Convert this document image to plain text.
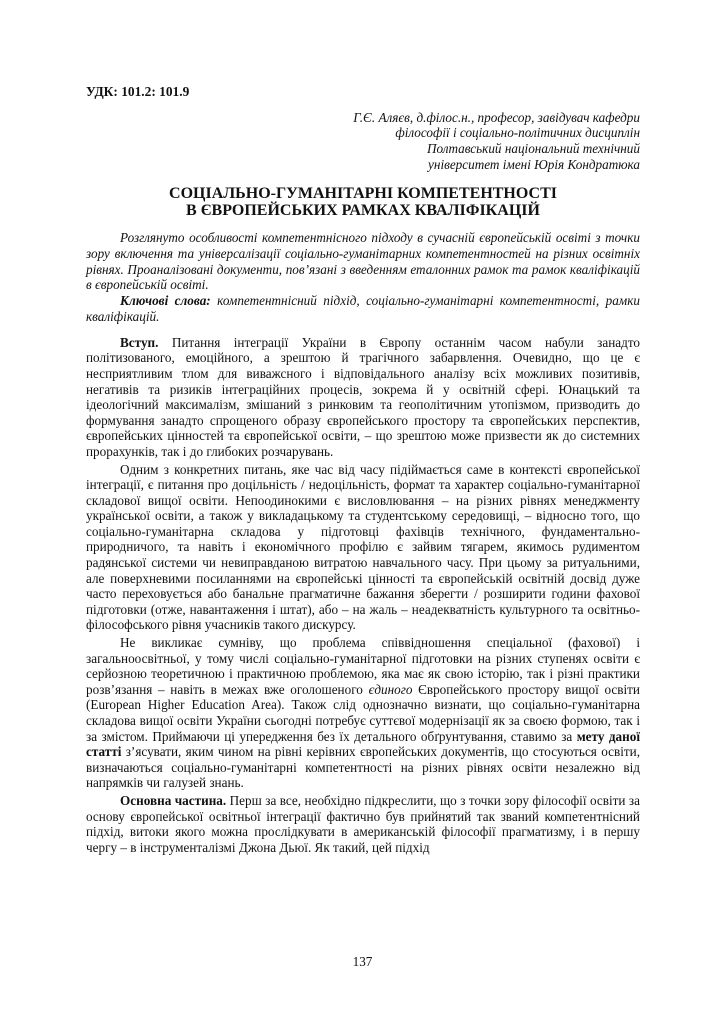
УДК: 101.2: 101.9
Г.Є. Аляєв, д.філос.н., професор, завідувач кафедри
філософії і соціально-політичних дисциплін
Полтавський національний технічний
університет імені Юрія Кондратюка
СОЦІАЛЬНО-ГУМАНІТАРНІ КОМПЕТЕНТНОСТІ
В ЄВРОПЕЙСЬКИХ РАМКАХ КВАЛІФІКАЦІЙ

Розглянуто особливості компетентнісного підходу в сучасній європейській освіті з точки зору включення та універсалізації соціально-гуманітарних компетентностей на різних освітніх рівнях. Проаналізовані документи, пов’язані з введенням еталонних рамок та рамок кваліфікацій в європейській освіті.

Ключові слова: компетентнісний підхід, соціально-гуманітарні компетентності, рамки кваліфікацій.

Вступ. Питання інтеграції України в Європу останнім часом набули занадто політизованого, емоційного, а зрештою й трагічного забарвлення. Очевидно, що це є несприятливим тлом для виважсного і відповідального аналізу всіх можливих позитивів, негативів та ризиків інтеграційних процесів, зокрема й у освітній сфері. Юнацький та ідеологічний максималізм, змішаний з ринковим та геополітичним утопізмом, призводить до формування занадто спрощеного образу європейського простору та європейських перспектив, європейських цінностей та європейської освіти, – що зрештою може призвести як до системних прорахунків, так і до глибоких розчарувань.

Одним з конкретних питань, яке час від часу підіймається саме в контексті європейської інтеграції, є питання про доцільність / недоцільність, формат та характер соціально-гуманітарної складової вищої освіти. Непоодинокими є висловлювання – на різних рівнях менеджменту української освіти, а також у викладацькому та студентському середовищі, – відносно того, що соціально-гуманітарна складова у підготовці фахівців технічного, фундаментально-природничого, та навіть і економічного профілю є зайвим тягарем, якимось рудиментом радянської системи чи невиправданою витратою навчального часу. При цьому за ритуальними, але поверхневими посиланнями на європейські цінності та європейській освітній досвід дуже часто переховується або банальне прагматичне бажання зберегти / розширити години фахової підготовки (отже, навантаження і штат), або – на жаль – неадекватність культурного та освітньо-філософського рівня учасників такого дискурсу.

Не викликає сумніву, що проблема співвідношення спеціальної (фахової) і загальноосвітньої, у тому числі соціально-гуманітарної підготовки на різних ступенях освіти є серйозною теоретичною і практичною проблемою, яка має як свою історію, так і різні практики розв’язання – навіть в межах вже оголошеного єдиного Європейського простору вищої освіти (European Higher Education Area). Також слід однозначно визнати, що соціально-гуманітарна складова вищої освіти України сьогодні потребує суттєвої модернізації як за своєю формою, так і за змістом. Приймаючи ці упередження без їх детального обґрунтування, ставимо за мету даної статті з’ясувати, яким чином на рівні керівних європейських документів, що стосуються освіти, визначаються соціально-гуманітарні компетентності на різних рівнях освіти незалежно від напрямків чи галузей знань.

Основна частина. Перш за все, необхідно підкреслити, що з точки зору філософії освіти за основу європейської освітньої інтеграції фактично був прийнятий так званий компетентнісний підхід, витоки якого можна прослідкувати в американській філософії прагматизму, і в першу чергу – в інструменталізмі Джона Дьюї. Як такий, цей підхід

137
